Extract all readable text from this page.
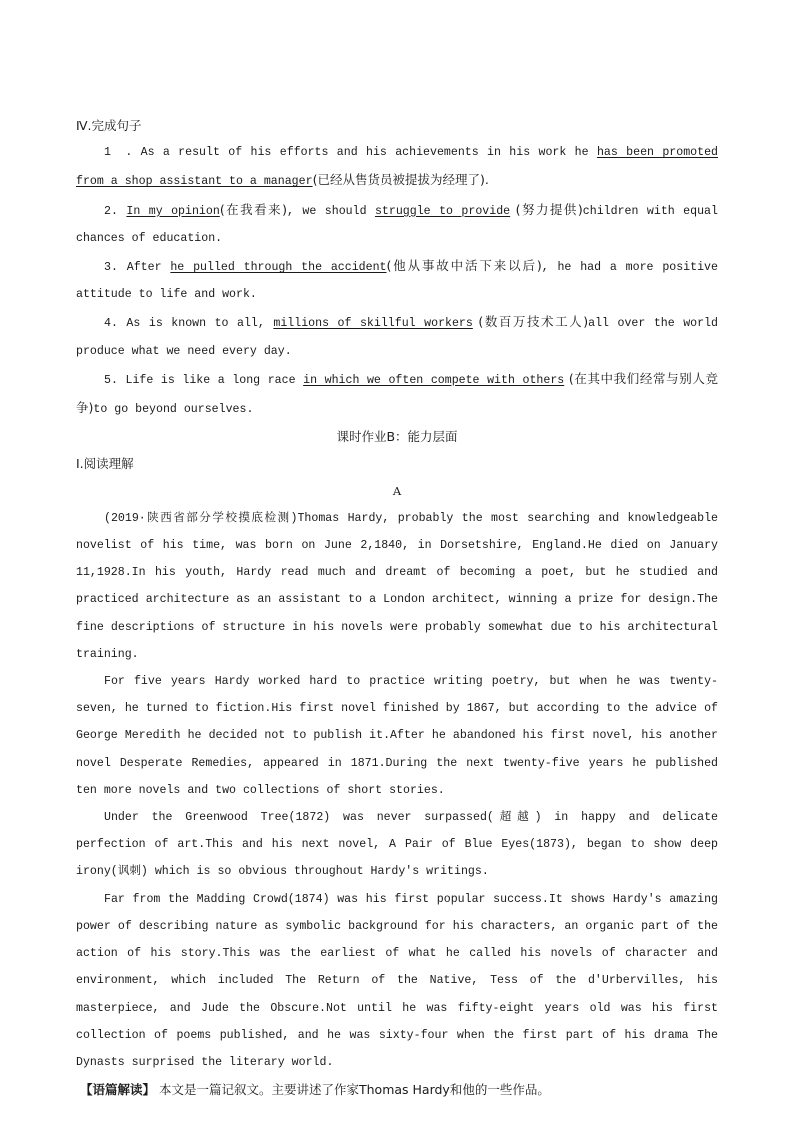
Ⅳ.完成句子

1　. As a result of his efforts and his achievements in his work he has been promoted from a shop assistant to a manager(已经从售货员被提拔为经理了).

2. In my opinion(在我看来), we should struggle to provide (努力提供)children with equal chances of education.

3. After he pulled through the accident(他从事故中活下来以后), he had a more positive attitude to life and work.

4. As is known to all, millions of skillful workers (数百万技术工人)all over the world produce what we need every day.

5. Life is like a long race in which we often compete with others (在其中我们经常与别人竞争)to go beyond ourselves.

课时作业B：能力层面

Ⅰ.阅读理解

A

(2019·陕西省部分学校摸底检测)Thomas Hardy, probably the most searching and knowledgeable novelist of his time, was born on June 2,1840, in Dorsetshire, England.He died on January 11,1928.In his youth, Hardy read much and dreamt of becoming a poet, but he studied and practiced architecture as an assistant to a London architect, winning a prize for design.The fine descriptions of structure in his novels were probably somewhat due to his architectural training.

For five years Hardy worked hard to practice writing poetry, but when he was twenty-seven, he turned to fiction.His first novel finished by 1867, but according to the advice of George Meredith he decided not to publish it.After he abandoned his first novel, his another novel Desperate Remedies, appeared in 1871.During the next twenty-five years he published ten more novels and two collections of short stories.

Under the Greenwood Tree(1872) was never surpassed(超越) in happy and delicate perfection of art.This and his next novel, A Pair of Blue Eyes(1873), began to show deep irony(讽刺) which is so obvious throughout Hardy's writings.

Far from the Madding Crowd(1874) was his first popular success.It shows Hardy's amazing power of describing nature as symbolic background for his characters, an organic part of the action of his story.This was the earliest of what he called his novels of character and environment, which included The Return of the Native, Tess of the d'Urbervilles, his masterpiece, and Jude the Obscure.Not until he was fifty-eight years old was his first collection of poems published, and he was sixty-four when the first part of his drama The Dynasts surprised the literary world.

【语篇解读】 本文是一篇记叙文。主要讲述了作家Thomas Hardy和他的一些作品。
